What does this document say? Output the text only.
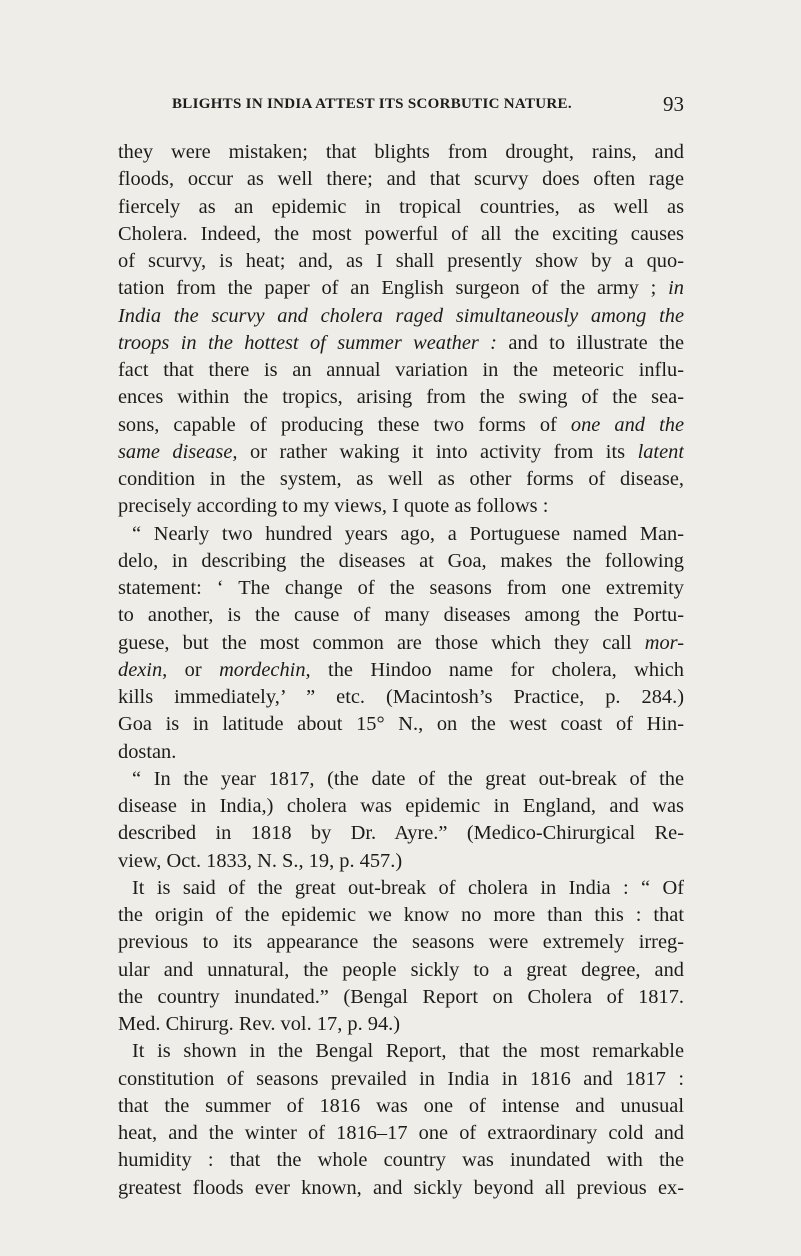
BLIGHTS IN INDIA ATTEST ITS SCORBUTIC NATURE.	93
they were mistaken; that blights from drought, rains, and
floods, occur as well there; and that scurvy does often rage
fiercely as an epidemic in tropical countries, as well as
Cholera. Indeed, the most powerful of all the exciting causes
of scurvy, is heat; and, as I shall presently show by a quo-
tation from the paper of an English surgeon of the army ; in
India the scurvy and cholera raged simultaneously among the
troops in the hottest of summer weather : and to illustrate the
fact that there is an annual variation in the meteoric influ-
ences within the tropics, arising from the swing of the sea-
sons, capable of producing these two forms of one and the
same disease, or rather waking it into activity from its latent
condition in the system, as well as other forms of disease,
precisely according to my views, I quote as follows :
“ Nearly two hundred years ago, a Portuguese named Man-
delo, in describing the diseases at Goa, makes the following
statement: ‘ The change of the seasons from one extremity
to another, is the cause of many diseases among the Portu-
guese, but the most common are those which they call mor-
dexin, or mordechin, the Hindoo name for cholera, which
kills immediately,’ ” etc. (Macintosh’s Practice, p. 284.)
Goa is in latitude about 15° N., on the west coast of Hin-
dostan.
“ In the year 1817, (the date of the great out-break of the
disease in India,) cholera was epidemic in England, and was
described in 1818 by Dr. Ayre.” (Medico-Chirurgical Re-
view, Oct. 1833, N. S., 19, p. 457.)
It is said of the great out-break of cholera in India : “ Of
the origin of the epidemic we know no more than this : that
previous to its appearance the seasons were extremely irreg-
ular and unnatural, the people sickly to a great degree, and
the country inundated.” (Bengal Report on Cholera of 1817.
Med. Chirurg. Rev. vol. 17, p. 94.)
It is shown in the Bengal Report, that the most remarkable
constitution of seasons prevailed in India in 1816 and 1817 :
that the summer of 1816 was one of intense and unusual
heat, and the winter of 1816–17 one of extraordinary cold and
humidity : that the whole country was inundated with the
greatest floods ever known, and sickly beyond all previous ex-
